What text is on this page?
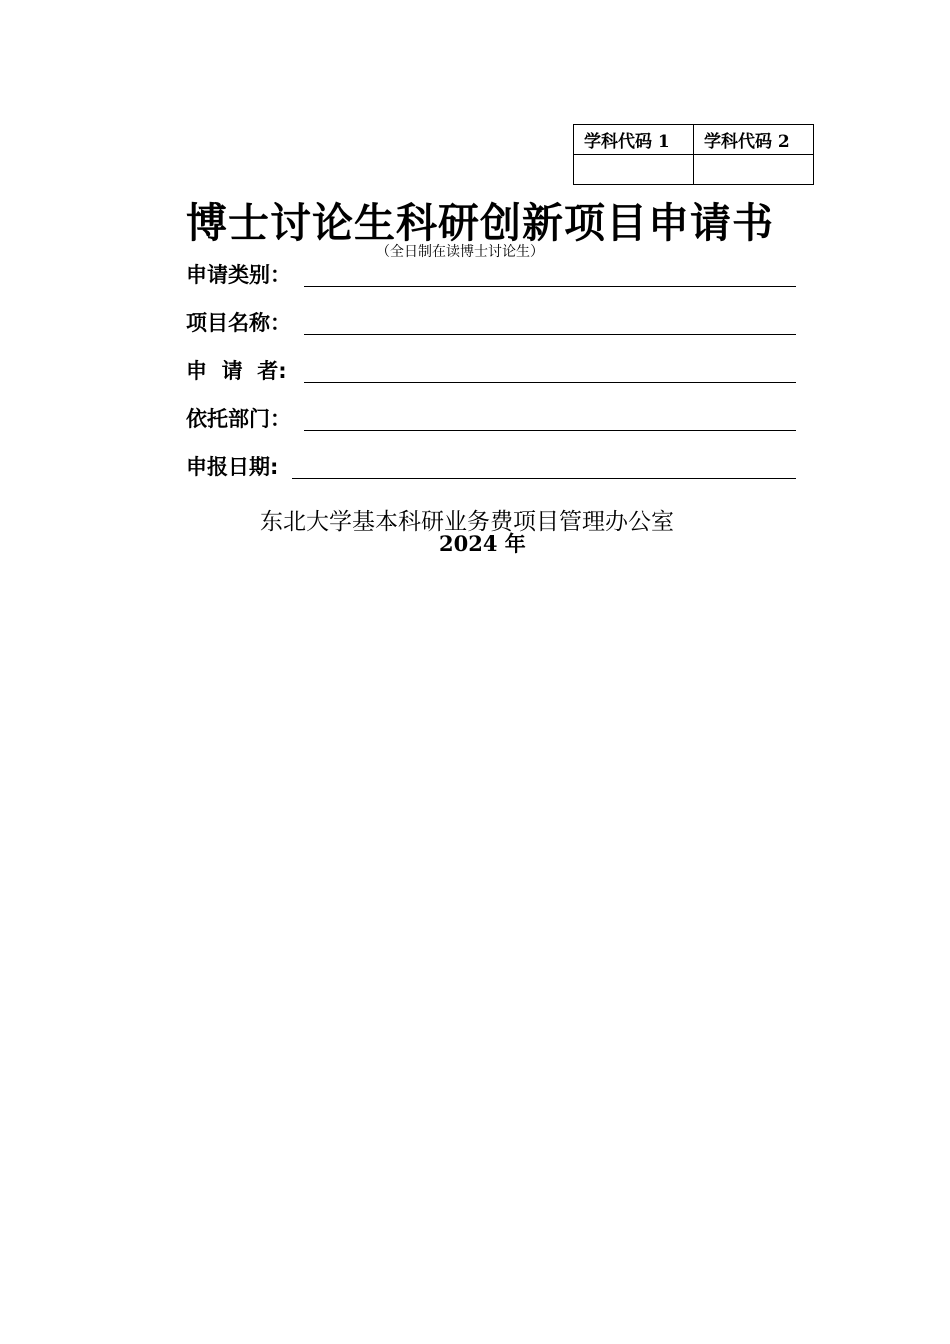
学科代码 1	学科代码 2

博士讨论生科研创新项目申请书
（全日制在读博士讨论生）
申请类别：
项目名称：
申  请  者:
依托部门：
申报日期:
东北大学基本科研业务费项目管理办公室
2024 年
